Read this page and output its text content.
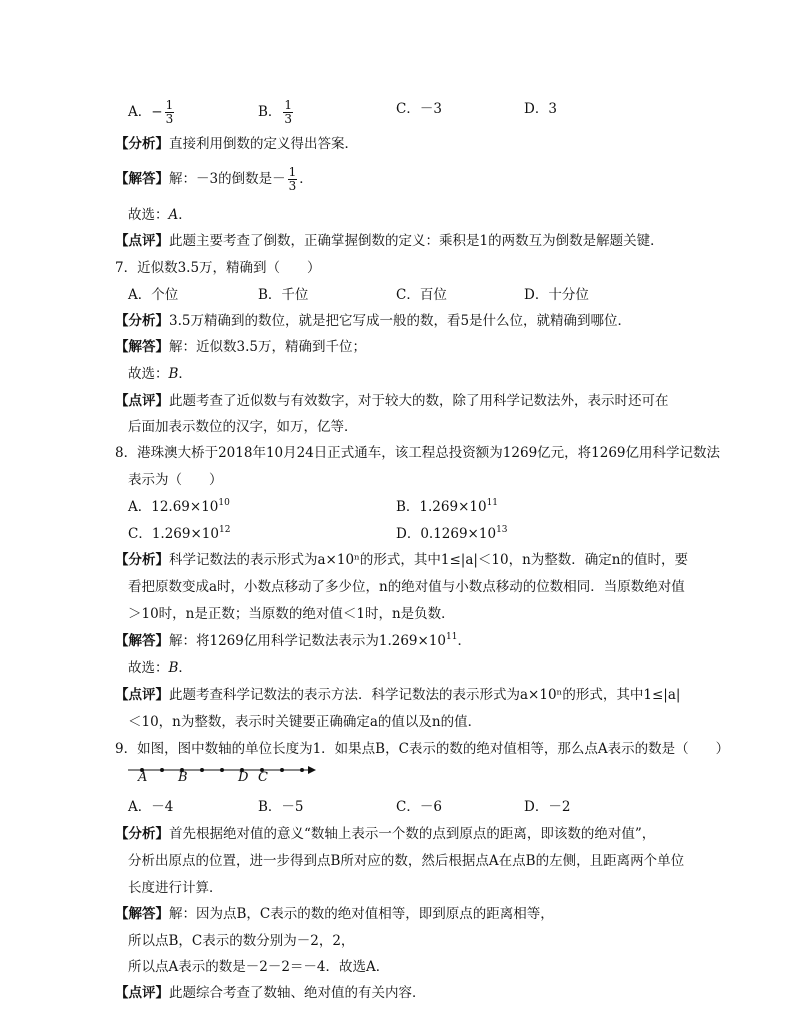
A．− $\frac{1}{3}$	B． $\frac{1}{3}$	C．－3	D．3
【分析】直接利用倒数的定义得出答案．
【解答】解：－3的倒数是－ $\frac{1}{3}$ ．
故选：A．
【点评】此题主要考查了倒数，正确掌握倒数的定义：乘积是1的两数互为倒数是解题关键．
7．近似数3.5万，精确到（　　）
A．个位	B．千位	C．百位	D．十分位
【分析】3.5万精确到的数位，就是把它写成一般的数，看5是什么位，就精确到哪位．
【解答】解：近似数3.5万，精确到千位；
故选：B．
【点评】此题考查了近似数与有效数字，对于较大的数，除了用科学记数法外，表示时还可在
后面加表示数位的汉字，如万，亿等．
8．港珠澳大桥于2018年10月24日正式通车，该工程总投资额为1269亿元，将1269亿用科学记数法
表示为（　　）
A．$12.69\times 10^{10}$	B．$1.269\times 10^{11}$
C．$1.269\times 10^{12}$	D．$0.1269\times 10^{13}$
【分析】科学记数法的表示形式为a×10ⁿ的形式，其中1≤|a|＜10，n为整数．确定n的值时，要
看把原数变成a时，小数点移动了多少位，n的绝对值与小数点移动的位数相同．当原数绝对值
＞10时，n是正数；当原数的绝对值＜1时，n是负数．
【解答】解：将1269亿用科学记数法表示为$1.269\times 10^{11}$．
故选：B．
【点评】此题考查科学记数法的表示方法．科学记数法的表示形式为a×10ⁿ的形式，其中1≤|a|
＜10，n为整数，表示时关键要正确确定a的值以及n的值．
9．如图，图中数轴的单位长度为1．如果点B，C表示的数的绝对值相等，那么点A表示的数是（　　）
A B	D C
A．－4	B．－5	C．－6	D．－2
【分析】首先根据绝对值的意义“数轴上表示一个数的点到原点的距离，即该数的绝对值”，
分析出原点的位置，进一步得到点B所对应的数，然后根据点A在点B的左侧，且距离两个单位
长度进行计算．
【解答】解：因为点B，C表示的数的绝对值相等，即到原点的距离相等，
所以点B，C表示的数分别为－2，2，
所以点A表示的数是－2－2＝－4．故选A．
【点评】此题综合考查了数轴、绝对值的有关内容．
